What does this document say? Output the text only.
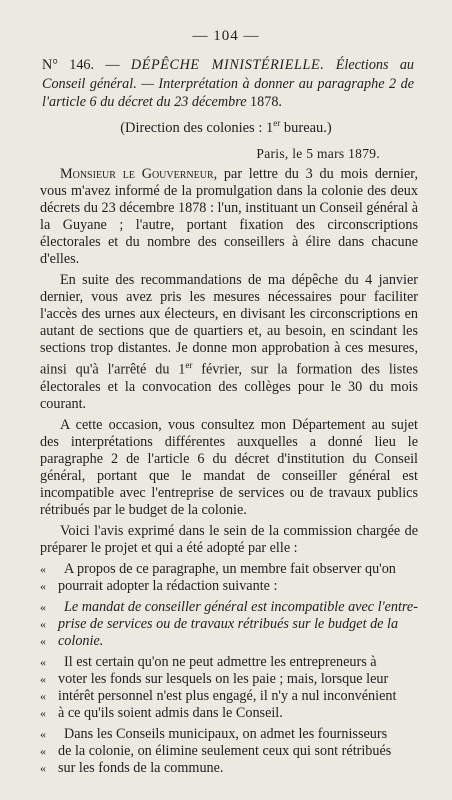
— 104 —
N° 146. — DÉPÊCHE MINISTÉRIELLE. Élections au Conseil général. — Interprétation à donner au paragraphe 2 de l'article 6 du décret du 23 décembre 1878.
(Direction des colonies : 1er bureau.)
Paris, le 5 mars 1879.

Monsieur le Gouverneur, par lettre du 3 du mois dernier, vous m'avez informé de la promulgation dans la colonie des deux décrets du 23 décembre 1878 : l'un, instituant un Conseil général à la Guyane ; l'autre, portant fixation des circonscriptions électorales et du nombre des conseillers à élire dans chacune d'elles.

En suite des recommandations de ma dépêche du 4 janvier dernier, vous avez pris les mesures nécessaires pour faciliter l'accès des urnes aux électeurs, en divisant les circonscriptions en autant de sections que de quartiers et, au besoin, en scindant les sections trop distantes. Je donne mon approbation à ces mesures, ainsi qu'à l'arrêté du 1er février, sur la formation des listes électorales et la convocation des collèges pour le 30 du mois courant.

A cette occasion, vous consultez mon Département au sujet des interprétations différentes auxquelles a donné lieu le paragraphe 2 de l'article 6 du décret d'institution du Conseil général, portant que le mandat de conseiller général est incompatible avec l'entreprise de services ou de travaux publics rétribués par le budget de la colonie.

Voici l'avis exprimé dans le sein de la commission chargée de préparer le projet et qui a été adopté par elle :

« A propos de ce paragraphe, un membre fait observer qu'on

« pourrait adopter la rédaction suivante :

« Le mandat de conseiller général est incompatible avec l'entre-

« prise de services ou de travaux rétribués sur le budget de la

« colonie.

« Il est certain qu'on ne peut admettre les entrepreneurs à

« voter les fonds sur lesquels on les paie ; mais, lorsque leur

« intérêt personnel n'est plus engagé, il n'y a nul inconvénient

« à ce qu'ils soient admis dans le Conseil.

« Dans les Conseils municipaux, on admet les fournisseurs

« de la colonie, on élimine seulement ceux qui sont rétribués

« sur les fonds de la commune.
